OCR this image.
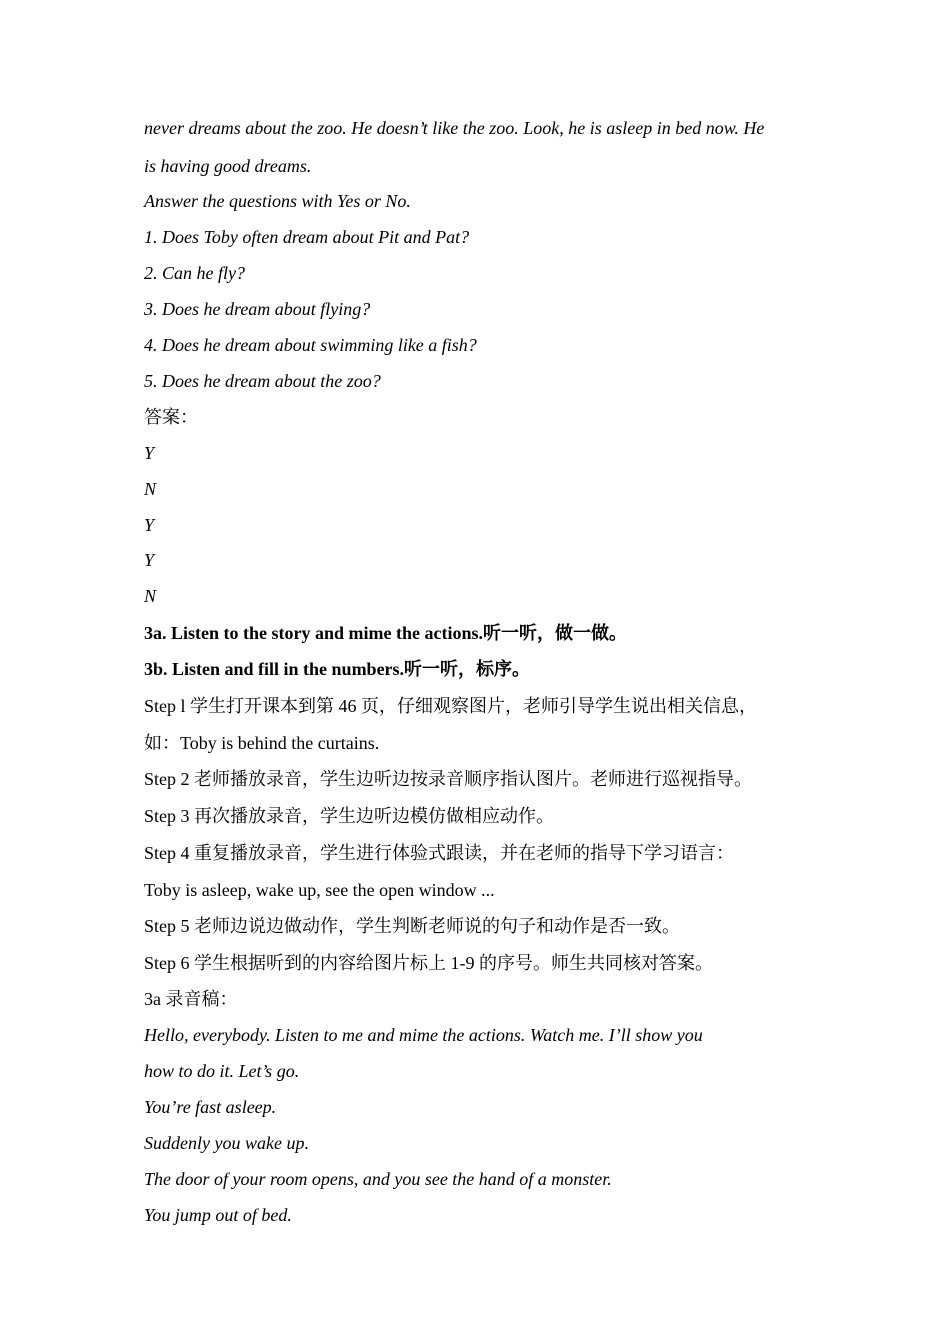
never dreams about the zoo. He doesn’t like the zoo. Look, he is asleep in bed now. He
is having good dreams.
Answer the questions with Yes or No.
1. Does Toby often dream about Pit and Pat?
2. Can he fly?
3. Does he dream about flying?
4. Does he dream about swimming like a fish?
5. Does he dream about the zoo?
答案：
Y
N
Y
Y
N
3a. Listen to the story and mime the actions.听一听，做一做。
3b. Listen and fill in the numbers.听一听，标序。
Step l 学生打开课本到第 46 页，仔细观察图片，老师引导学生说出相关信息，
如：Toby is behind the curtains.
Step 2 老师播放录音，学生边听边按录音顺序指认图片。老师进行巡视指导。
Step 3 再次播放录音，学生边听边模仿做相应动作。
Step 4 重复播放录音，学生进行体验式跟读，并在老师的指导下学习语言：
Toby is asleep, wake up, see the open window ...
Step 5 老师边说边做动作，学生判断老师说的句子和动作是否一致。
Step 6 学生根据听到的内容给图片标上 1-9 的序号。师生共同核对答案。
3a 录音稿：
Hello, everybody. Listen to me and mime the actions. Watch me. I’ll show you
how to do it. Let’s go.
You’re fast asleep.
Suddenly you wake up.
The door of your room opens, and you see the hand of a monster.
You jump out of bed.
